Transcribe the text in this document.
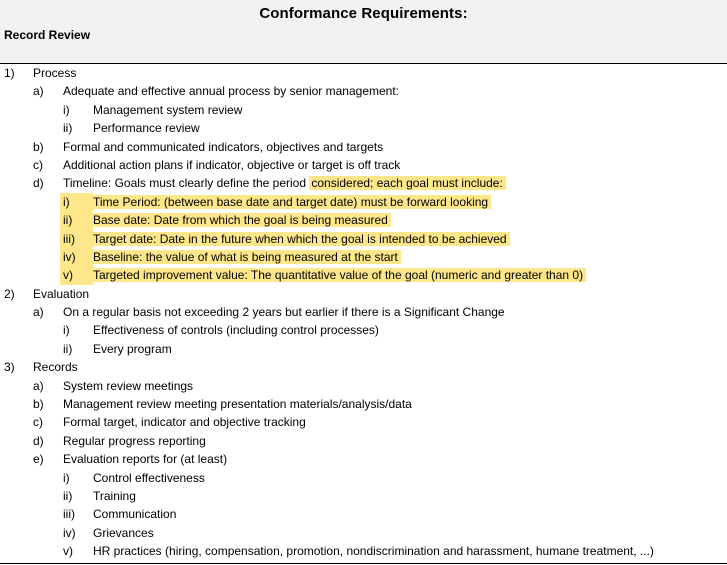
Conformance Requirements:
Record Review
1) Process
a) Adequate and effective annual process by senior management:
i) Management system review
ii) Performance review
b) Formal and communicated indicators, objectives and targets
c) Additional action plans if indicator, objective or target is off track
d) Timeline: Goals must clearly define the period considered; each goal must include:
i)	Time Period: (between base date and target date) must be forward looking
ii)	Base date: Date from which the goal is being measured
iii)	Target date: Date in the future when which the goal is intended to be achieved
iv)	Baseline: the value of what is being measured at the start
v)	Targeted improvement value: The quantitative value of the goal (numeric and greater than 0)
2) Evaluation
a) On a regular basis not exceeding 2 years but earlier if there is a Significant Change
i) Effectiveness of controls (including control processes)
ii) Every program
3) Records
a) System review meetings
b) Management review meeting presentation materials/analysis/data
c) Formal target, indicator and objective tracking
d) Regular progress reporting
e) Evaluation reports for (at least)
i) Control effectiveness
ii) Training
iii) Communication
iv) Grievances
v) HR practices (hiring, compensation, promotion, nondiscrimination and harassment, humane treatment, ...)
